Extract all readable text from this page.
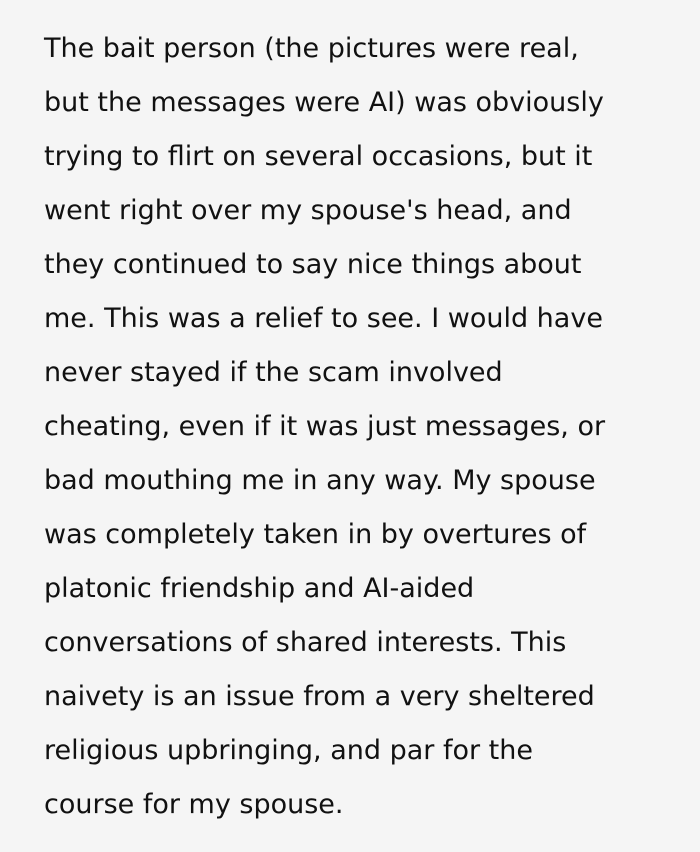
The bait person (the pictures were real,
but the messages were AI) was obviously
trying to flirt on several occasions, but it
went right over my spouse's head, and
they continued to say nice things about
me. This was a relief to see. I would have
never stayed if the scam involved
cheating, even if it was just messages, or
bad mouthing me in any way. My spouse
was completely taken in by overtures of
platonic friendship and AI-aided
conversations of shared interests. This
naivety is an issue from a very sheltered
religious upbringing, and par for the
course for my spouse.
